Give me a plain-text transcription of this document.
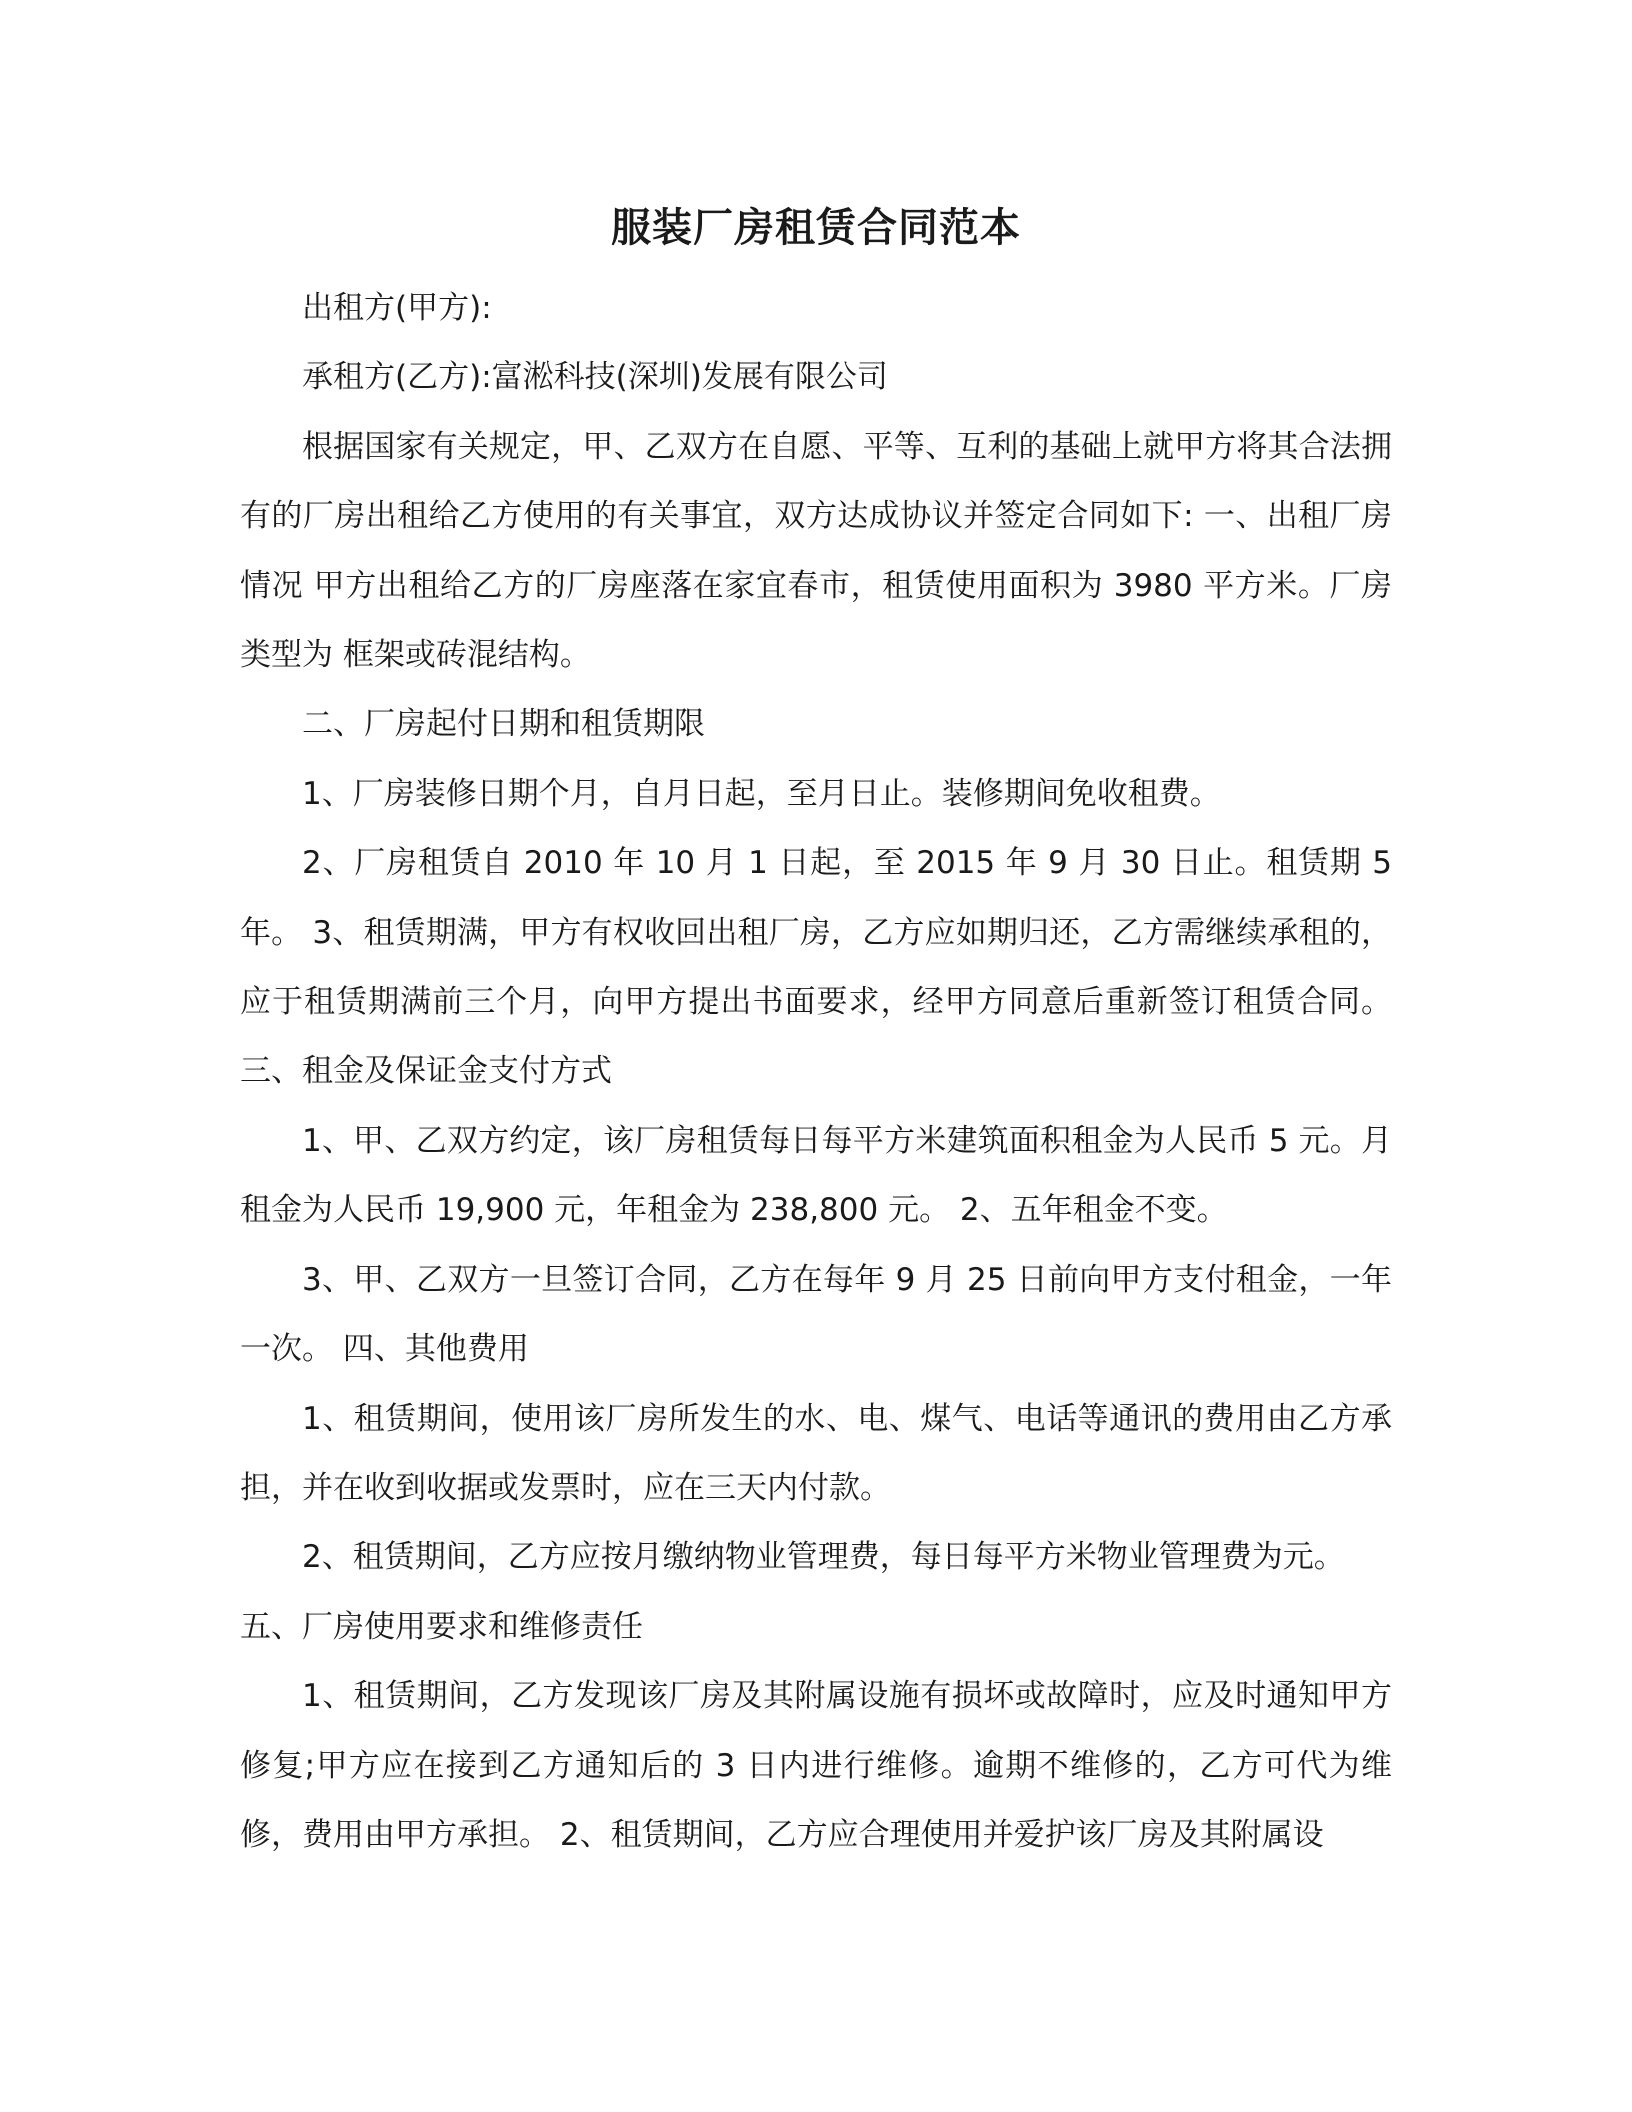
服装厂房租赁合同范本

出租方(甲方):

承租方(乙方):富淞科技(深圳)发展有限公司

根据国家有关规定，甲、乙双方在自愿、平等、互利的基础上就甲方将其合法拥有的厂房出租给乙方使用的有关事宜，双方达成协议并签定合同如下: 一、出租厂房情况 甲方出租给乙方的厂房座落在家宜春市，租赁使用面积为 3980 平方米。厂房类型为 框架或砖混结构。

二、厂房起付日期和租赁期限

1、厂房装修日期个月，自月日起，至月日止。装修期间免收租费。

2、厂房租赁自 2010 年 10 月 1 日起，至 2015 年 9 月 30 日止。租赁期 5 年。 3、租赁期满，甲方有权收回出租厂房，乙方应如期归还，乙方需继续承租的，应于租赁期满前三个月，向甲方提出书面要求，经甲方同意后重新签订租赁合同。 三、租金及保证金支付方式

1、甲、乙双方约定，该厂房租赁每日每平方米建筑面积租金为人民币 5 元。月租金为人民币 19,900 元，年租金为 238,800 元。 2、五年租金不变。

3、甲、乙双方一旦签订合同，乙方在每年 9 月 25 日前向甲方支付租金，一年一次。 四、其他费用

1、租赁期间，使用该厂房所发生的水、电、煤气、电话等通讯的费用由乙方承担，并在收到收据或发票时，应在三天内付款。

2、租赁期间，乙方应按月缴纳物业管理费，每日每平方米物业管理费为元。

五、厂房使用要求和维修责任

1、租赁期间，乙方发现该厂房及其附属设施有损坏或故障时，应及时通知甲方修复;甲方应在接到乙方通知后的 3 日内进行维修。逾期不维修的，乙方可代为维修，费用由甲方承担。 2、租赁期间，乙方应合理使用并爱护该厂房及其附属设
